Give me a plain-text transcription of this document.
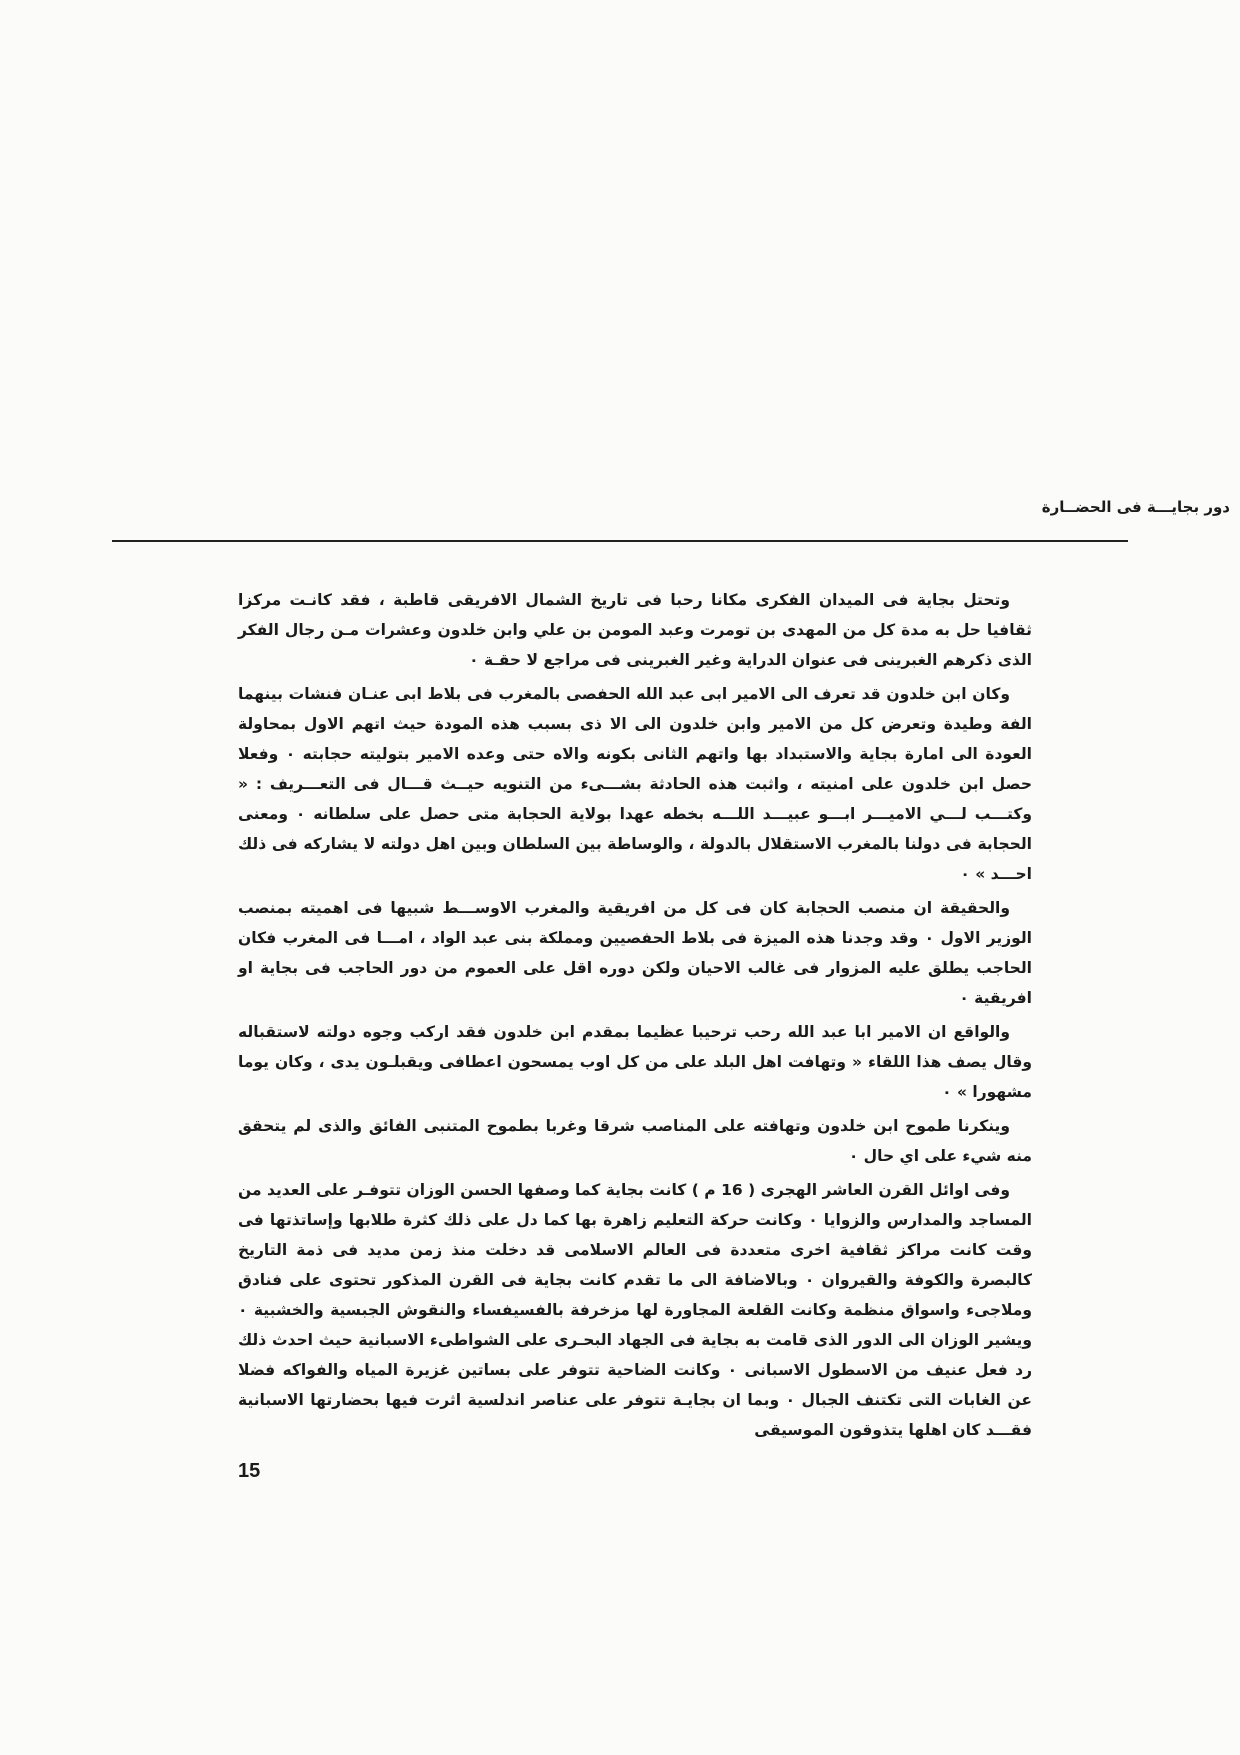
دور بجايـــة فى الحضــارة

وتحتل بجاية فى الميدان الفكرى مكانا رحبا فى تاريخ الشمال الافريقى قاطبة ، فقد كانـت مركزا ثقافيا حل به مدة كل من المهدى بن تومرت وعبد المومن بن علي وابن خلدون وعشرات مـن رجال الفكر الذى ذكرهم الغبرينى فى عنوان الدراية وغير الغبرينى فى مراجع لا حقـة ٠

وكان ابن خلدون قد تعرف الى الامير ابى عبد الله الحفصى بالمغرب فى بلاط ابى عنـان فنشات بينهما الفة وطيدة وتعرض كل من الامير وابن خلدون الى الا ذى بسبب هذه المودة حيث اتهم الاول بمحاولة العودة الى امارة بجاية والاستبداد بها واتهم الثانى بكونه والاه حتى وعده الامير بتوليته حجابته ٠ وفعلا حصل ابن خلدون على امنيته ، واثبت هذه الحادثة بشـــىء من التنويه حيــث قـــال فى التعـــريف : « وكتـــب لـــي الاميـــر ابـــو عبيـــد اللـــه بخطه عهدا بولاية الحجابة متى حصل على سلطانه ٠ ومعنى الحجابة فى دولنا بالمغرب الاستقلال بالدولة ، والوساطة بين السلطان وبين اهل دولته لا يشاركه فى ذلك احـــد » ٠

والحقيقة ان منصب الحجابة كان فى كل من افريقية والمغرب الاوســـط شبيها فى اهميته بمنصب الوزير الاول ٠ وقد وجدنا هذه الميزة فى بلاط الحفصيين ومملكة بنى عبد الواد ، امـــا فى المغرب فكان الحاجب يطلق عليه المزوار فى غالب الاحيان ولكن دوره اقل على العموم من دور الحاجب فى بجاية او افريقية ٠

والواقع ان الامير ابا عبد الله رحب ترحيبا عظيما بمقدم ابن خلدون فقد اركب وجوه دولته لاستقباله وقال يصف هذا اللقاء « وتهافت اهل البلد على من كل اوب يمسحون اعطافى ويقبلـون يدى ، وكان يوما مشهورا » ٠

وينكرنا طموح ابن خلدون وتهافته على المناصب شرقا وغربا بطموح المتنبى الفائق والذى لم يتحقق منه شيء على اي حال ٠

وفى اوائل القرن العاشر الهجرى ( 16 م ) كانت بجاية كما وصفها الحسن الوزان تتوفـر على العديد من المساجد والمدارس والزوايا ٠ وكانت حركة التعليم زاهرة بها كما دل على ذلك كثرة طلابها وإساتذتها فى وقت كانت مراكز ثقافية اخرى متعددة فى العالم الاسلامى قد دخلت منذ زمن مديد فى ذمة التاريخ كالبصرة والكوفة والقيروان ٠ وبالاضافة الى ما تقدم كانت بجاية فى القرن المذكور تحتوى على فنادق وملاجىء واسواق منظمة وكانت القلعة المجاورة لها مزخرفة بالفسيفساء والنقوش الجبسية والخشبية ٠ ويشير الوزان الى الدور الذى قامت به بجاية فى الجهاد البحـرى على الشواطىء الاسبانية حيث احدث ذلك رد فعل عنيف من الاسطول الاسبانى ٠ وكانت الضاحية تتوفر على بساتين غزيرة المياه والفواكه فضلا عن الغابات التى تكتنف الجبال ٠ وبما ان بجايـة تتوفر على عناصر اندلسية اثرت فيها بحضارتها الاسبانية فقـــد كان اهلها يتذوقون الموسيقى

15
